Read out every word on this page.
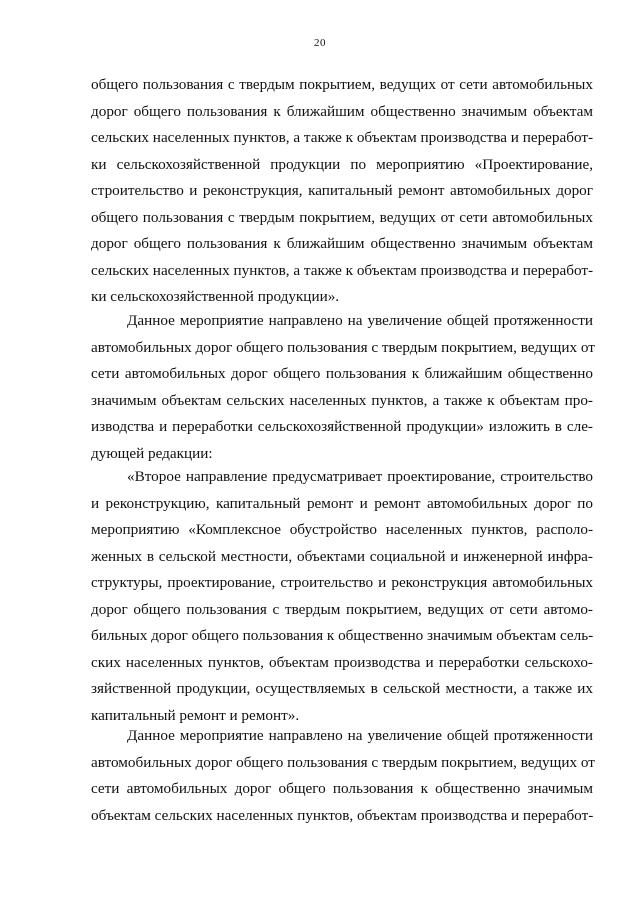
20
общего пользования с твердым покрытием, ведущих от сети автомобильных
дорог общего пользования к ближайшим общественно значимым объектам
сельских населенных пунктов, а также к объектам производства и переработ-
ки сельскохозяйственной продукции по мероприятию «Проектирование,
строительство и реконструкция, капитальный ремонт автомобильных дорог
общего пользования с твердым покрытием, ведущих от сети автомобильных
дорог общего пользования к ближайшим общественно значимым объектам
сельских населенных пунктов, а также к объектам производства и переработ-
ки сельскохозяйственной продукции».
Данное мероприятие направлено на увеличение общей протяженности
автомобильных дорог общего пользования с твердым покрытием, ведущих от
сети автомобильных дорог общего пользования к ближайшим общественно
значимым объектам сельских населенных пунктов, а также к объектам про-
изводства и переработки сельскохозяйственной продукции» изложить в сле-
дующей редакции:
«Второе направление предусматривает проектирование, строительство
и реконструкцию, капитальный ремонт и ремонт автомобильных дорог по
мероприятию «Комплексное обустройство населенных пунктов, располо-
женных в сельской местности, объектами социальной и инженерной инфра-
структуры, проектирование, строительство и реконструкция автомобильных
дорог общего пользования с твердым покрытием, ведущих от сети автомо-
бильных дорог общего пользования к общественно значимым объектам сель-
ских населенных пунктов, объектам производства и переработки сельскохо-
зяйственной продукции, осуществляемых в сельской местности, а также их
капитальный ремонт и ремонт».
Данное мероприятие направлено на увеличение общей протяженности
автомобильных дорог общего пользования с твердым покрытием, ведущих от
сети автомобильных дорог общего пользования к общественно значимым
объектам сельских населенных пунктов, объектам производства и переработ-
